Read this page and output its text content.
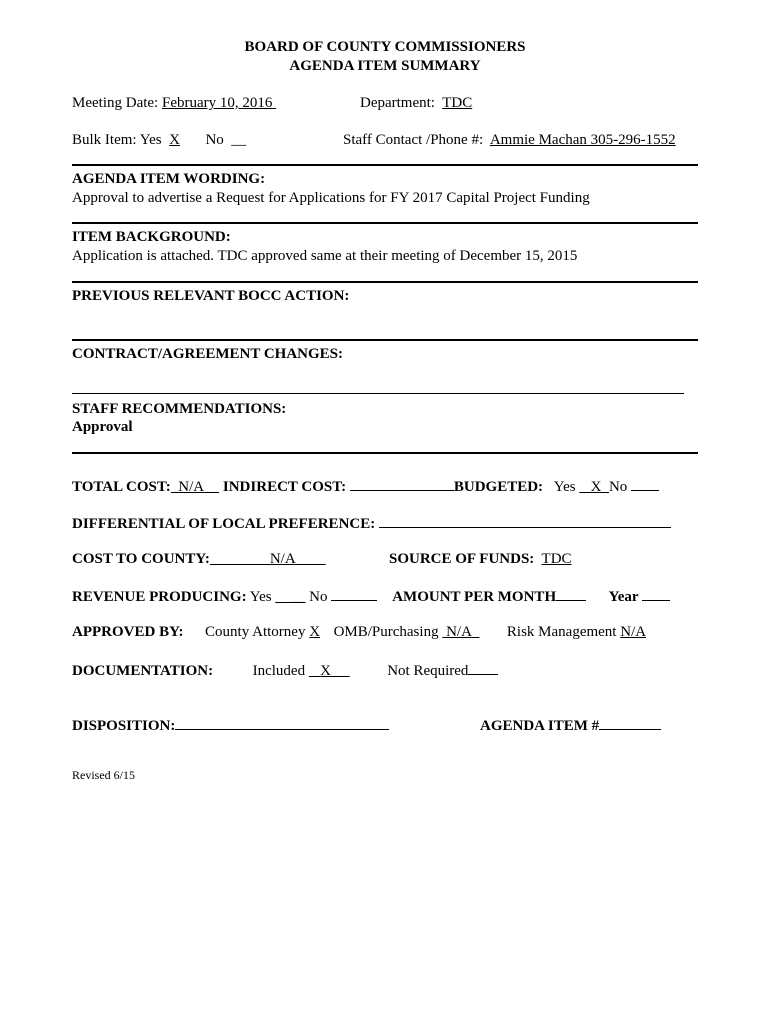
BOARD OF COUNTY COMMISSIONERS
AGENDA ITEM SUMMARY
Meeting Date: February 10, 2016	Department: TDC
Bulk Item: Yes X No __	Staff Contact /Phone #: Ammie Machan 305-296-1552
AGENDA ITEM WORDING:
Approval to advertise a Request for Applications for FY 2017 Capital Project Funding
ITEM BACKGROUND:
Application is attached. TDC approved same at their meeting of December 15, 2015
PREVIOUS RELEVANT BOCC ACTION:
CONTRACT/AGREEMENT CHANGES:
STAFF RECOMMENDATIONS:
Approval
TOTAL COST: N/A INDIRECT COST:	BUDGETED: Yes X No
DIFFERENTIAL OF LOCAL PREFERENCE:
COST TO COUNTY:	N/A	SOURCE OF FUNDS: TDC
REVENUE PRODUCING: Yes __ No	AMOUNT PER MONTH	Year
APPROVED BY: County Attorney X OMB/Purchasing N/A Risk Management N/A
DOCUMENTATION:	Included X	Not Required
DISPOSITION:	AGENDA ITEM #
Revised 6/15
